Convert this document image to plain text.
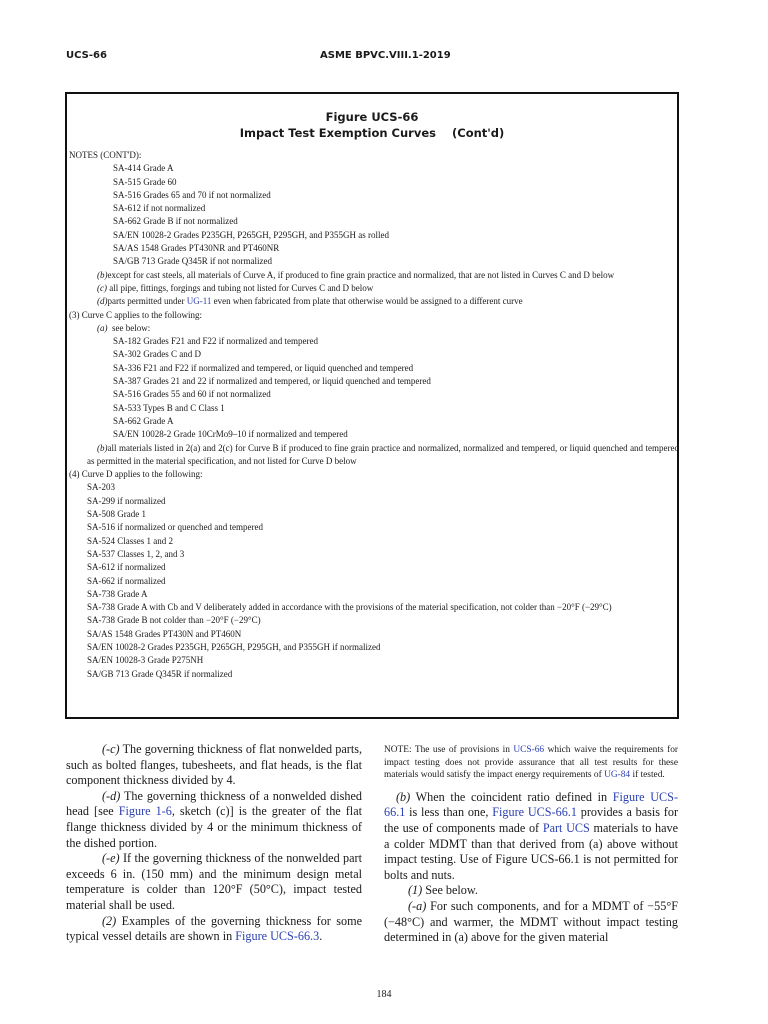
UCS-66	ASME BPVC.VIII.1-2019
Figure UCS-66
Impact Test Exemption Curves (Cont'd)
NOTES (CONT'D):
SA-414 Grade A
SA-515 Grade 60
SA-516 Grades 65 and 70 if not normalized
SA-612 if not normalized
SA-662 Grade B if not normalized
SA/EN 10028-2 Grades P235GH, P265GH, P295GH, and P355GH as rolled
SA/AS 1548 Grades PT430NR and PT460NR
SA/GB 713 Grade Q345R if not normalized
(b)except for cast steels, all materials of Curve A, if produced to fine grain practice and normalized, that are not listed in Curves C and D below
(c) all pipe, fittings, forgings and tubing not listed for Curves C and D below
(d)parts permitted under UG-11 even when fabricated from plate that otherwise would be assigned to a different curve
(3) Curve C applies to the following:
(a) see below:
SA-182 Grades F21 and F22 if normalized and tempered
SA-302 Grades C and D
SA-336 F21 and F22 if normalized and tempered, or liquid quenched and tempered
SA-387 Grades 21 and 22 if normalized and tempered, or liquid quenched and tempered
SA-516 Grades 55 and 60 if not normalized
SA-533 Types B and C Class 1
SA-662 Grade A
SA/EN 10028-2 Grade 10CrMo9–10 if normalized and tempered
(b)all materials listed in 2(a) and 2(c) for Curve B if produced to fine grain practice and normalized, normalized and tempered, or liquid quenched and tempered as permitted in the material specification, and not listed for Curve D below
(4) Curve D applies to the following:
SA-203
SA-299 if normalized
SA-508 Grade 1
SA-516 if normalized or quenched and tempered
SA-524 Classes 1 and 2
SA-537 Classes 1, 2, and 3
SA-612 if normalized
SA-662 if normalized
SA-738 Grade A
SA-738 Grade A with Cb and V deliberately added in accordance with the provisions of the material specification, not colder than −20°F (−29°C)
SA-738 Grade B not colder than −20°F (−29°C)
SA/AS 1548 Grades PT430N and PT460N
SA/EN 10028-2 Grades P235GH, P265GH, P295GH, and P355GH if normalized
SA/EN 10028-3 Grade P275NH
SA/GB 713 Grade Q345R if normalized

(-c) The governing thickness of flat nonwelded parts, such as bolted flanges, tubesheets, and flat heads, is the flat component thickness divided by 4.

(-d) The governing thickness of a nonwelded dished head [see Figure 1-6, sketch (c)] is the greater of the flat flange thickness divided by 4 or the minimum thickness of the dished portion.

(-e) If the governing thickness of the nonwelded part exceeds 6 in. (150 mm) and the minimum design metal temperature is colder than 120°F (50°C), impact tested material shall be used.

(2) Examples of the governing thickness for some typical vessel details are shown in Figure UCS-66.3.

NOTE: The use of provisions in UCS-66 which waive the requirements for impact testing does not provide assurance that all test results for these materials would satisfy the impact energy requirements of UG-84 if tested.

(b) When the coincident ratio defined in Figure UCS-66.1 is less than one, Figure UCS-66.1 provides a basis for the use of components made of Part UCS materials to have a colder MDMT than that derived from (a) above without impact testing. Use of Figure UCS-66.1 is not permitted for bolts and nuts.

(1) See below.

(-a) For such components, and for a MDMT of −55°F (−48°C) and warmer, the MDMT without impact testing determined in (a) above for the given material

184
